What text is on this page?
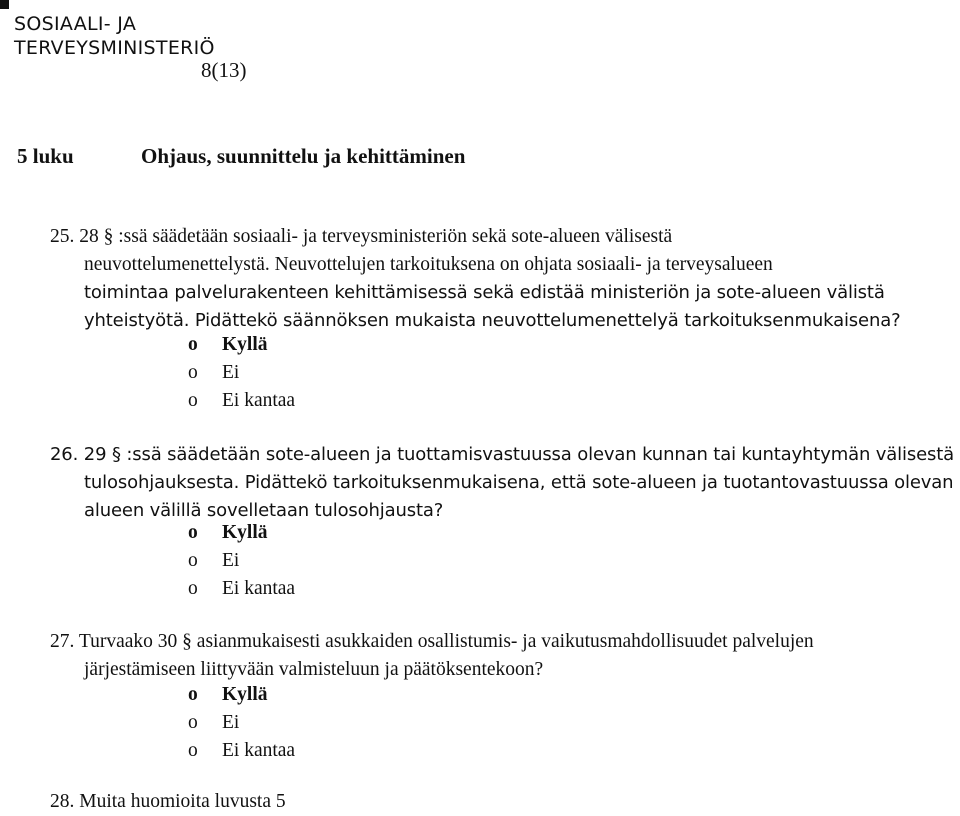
SOSIAALI- JA
TERVEYSMINISTERIÖ
8(13)
5 luku	Ohjaus, suunnittelu ja kehittäminen
25. 28 § :ssä säädetään sosiaali- ja terveysministeriön sekä sote-alueen välisestä
neuvottelumenettelystä. Neuvottelujen tarkoituksena on ohjata sosiaali- ja terveysalueen
toimintaa palvelurakenteen kehittämisessä sekä edistää ministeriön ja sote-alueen välistä
yhteistyötä. Pidättekö säännöksen mukaista neuvottelumenettelyä tarkoituksenmukaisena?
o Kyllä
o Ei
o Ei kantaa
26. 29 § :ssä säädetään sote-alueen ja tuottamisvastuussa olevan kunnan tai kuntayhtymän välisestä
tulosohjauksesta. Pidättekö tarkoituksenmukaisena, että sote-alueen ja tuotantovastuussa olevan
alueen välillä sovelletaan tulosohjausta?
o Kyllä
o Ei
o Ei kantaa
27. Turvaako 30 § asianmukaisesti asukkaiden osallistumis- ja vaikutusmahdollisuudet palvelujen
järjestämiseen liittyvään valmisteluun ja päätöksentekoon?
o Kyllä
o Ei
o Ei kantaa
28. Muita huomioita luvusta 5
